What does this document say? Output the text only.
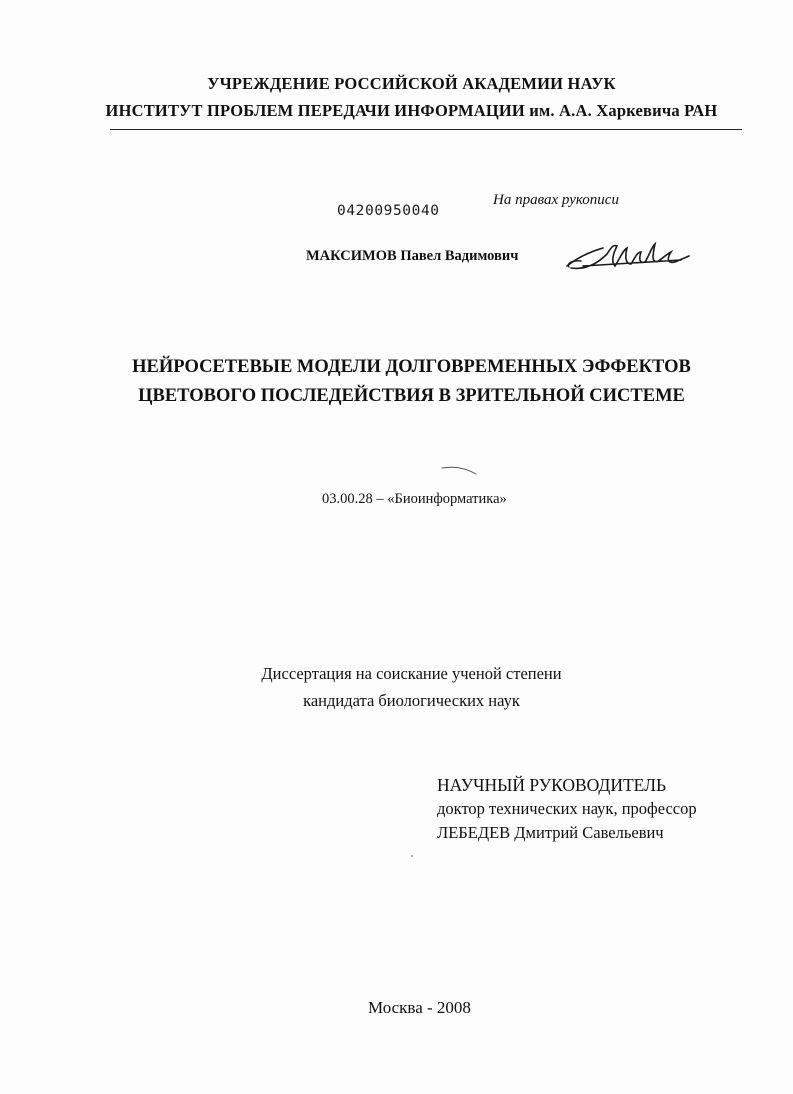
УЧРЕЖДЕНИЕ РОССИЙСКОЙ АКАДЕМИИ НАУК
ИНСТИТУТ ПРОБЛЕМ ПЕРЕДАЧИ ИНФОРМАЦИИ им. А.А. Харкевича РАН
04200950040
На правах рукописи
МАКСИМОВ Павел Вадимович
НЕЙРОСЕТЕВЫЕ МОДЕЛИ ДОЛГОВРЕМЕННЫХ ЭФФЕКТОВ
ЦВЕТОВОГО ПОСЛЕДЕЙСТВИЯ В ЗРИТЕЛЬНОЙ СИСТЕМЕ
03.00.28 – «Биоинформатика»
Диссертация на соискание ученой степени
кандидата биологических наук
НАУЧНЫЙ РУКОВОДИТЕЛЬ
доктор технических наук, профессор
ЛЕБЕДЕВ Дмитрий Савельевич
Москва - 2008
